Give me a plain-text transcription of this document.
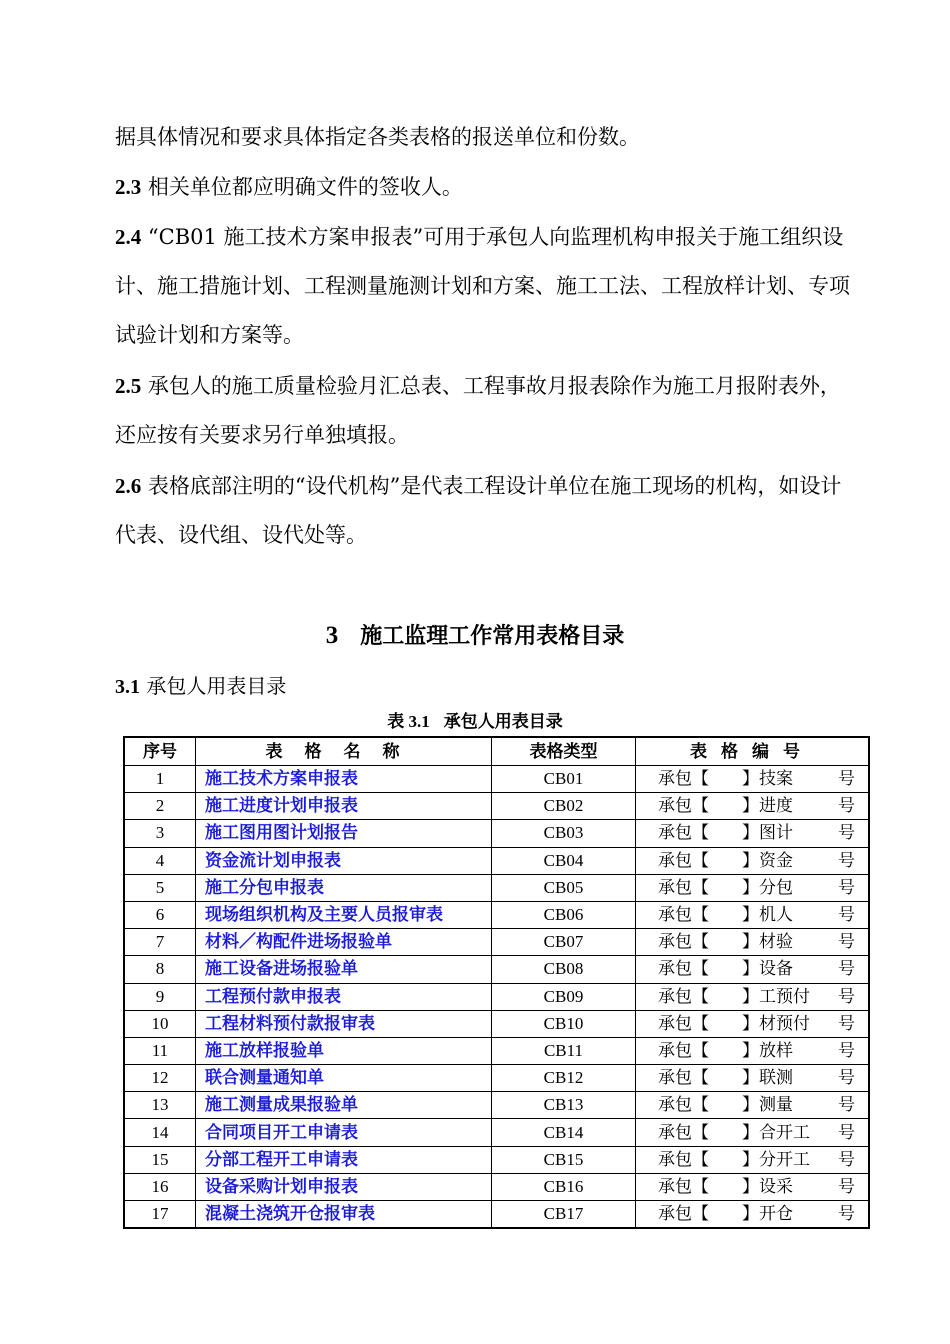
据具体情况和要求具体指定各类表格的报送单位和份数。

2.3 相关单位都应明确文件的签收人。

2.4 “CB01 施工技术方案申报表”可用于承包人向监理机构申报关于施工组织设计、施工措施计划、工程测量施测计划和方案、施工工法、工程放样计划、专项试验计划和方案等。

2.5 承包人的施工质量检验月汇总表、工程事故月报表除作为施工月报附表外，还应按有关要求另行单独填报。

2.6 表格底部注明的“设代机构”是代表工程设计单位在施工现场的机构，如设计代表、设代组、设代处等。

3 施工监理工作常用表格目录
3.1 承包人用表目录
表 3.1 承包人用表目录
序号	表格名称	表格类型	表格编号
1	施工技术方案申报表	CB01	承包【 】技案 号
2	施工进度计划申报表	CB02	承包【 】进度 号
3	施工图用图计划报告	CB03	承包【 】图计 号
4	资金流计划申报表	CB04	承包【 】资金 号
5	施工分包申报表	CB05	承包【 】分包 号
6	现场组织机构及主要人员报审表	CB06	承包【 】机人 号
7	材料／构配件进场报验单	CB07	承包【 】材验 号
8	施工设备进场报验单	CB08	承包【 】设备 号
9	工程预付款申报表	CB09	承包【 】工预付 号
10	工程材料预付款报审表	CB10	承包【 】材预付 号
11	施工放样报验单	CB11	承包【 】放样 号
12	联合测量通知单	CB12	承包【 】联测 号
13	施工测量成果报验单	CB13	承包【 】测量 号
14	合同项目开工申请表	CB14	承包【 】合开工 号
15	分部工程开工申请表	CB15	承包【 】分开工 号
16	设备采购计划申报表	CB16	承包【 】设采 号
17	混凝土浇筑开仓报审表	CB17	承包【 】开仓 号
